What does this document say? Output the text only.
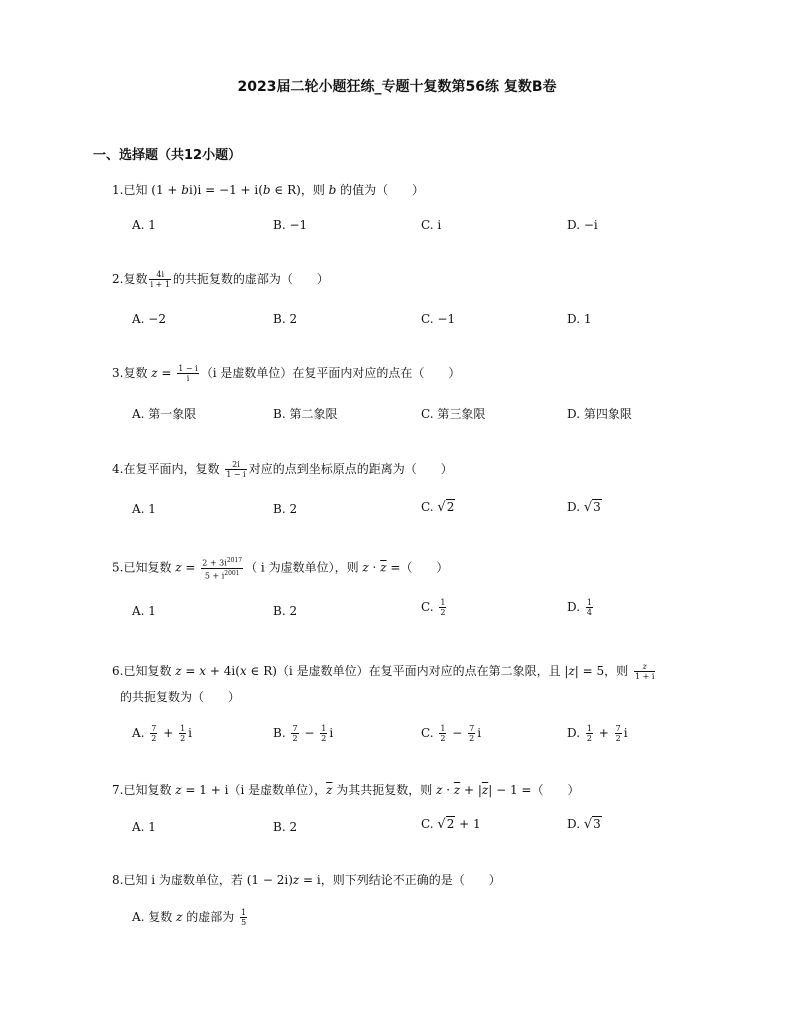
2023届二轮小题狂练_专题十复数第56练 复数B卷
一、选择题（共12小题）
1.已知 (1 + bi)i = −1 + i(b ∈ R)，则 b 的值为（　　）
A. 1	B. −1	C. i	D. −i
2.复数 $\frac{4i}{i + 1}$ 的共扼复数的虚部为（　　）
A. −2	B. 2	C. −1	D. 1
3.复数 $z = \frac{1 - i}{i} (i$ 是虚数单位）在复平面内对应的点在（　　）
A. 第一象限	B. 第二象限	C. 第三象限	D. 第四象限
4.在复平面内，复数 $\frac{2i}{1 - i}$ 对应的点到坐标原点的距离为（　　）
A. 1	B. 2	C. √2	D. √3
5.已知复数 $z = \frac{2 + 3i^{2017}}{5 + i^{2001}}$ （ i 为虚数单位），则 $z \cdot \overline{z}$ =（　　）
A. 1	B. 2	C. $\frac{1}{2}$	D. $\frac{1}{4}$
6.已知复数 z = x + 4i(x ∈ R)（i 是虚数单位）在复平面内对应的点在第二象限，且 |z| = 5，则 $\frac{z}{1 + i}$
的共扼复数为（　　）
A. $\frac{7}{2} + \frac{1}{2}$ i	B. $\frac{7}{2} - \frac{1}{2}$ i	C. $\frac{1}{2} - \frac{7}{2}$ i	D. $\frac{1}{2} + \frac{7}{2}$ i
7.已知复数 z = 1 + i（i 是虚数单位），$\overline{z}$ 为其共扼复数，则 $z \cdot \overline{z} + |\overline{z}| - 1$ =（　　）
A. 1	B. 2	C. √2 + 1	D. √3
8.已知 i 为虚数单位，若 (1 − 2i)z = i，则下列结论不正确的是（　　）
A. 复数 z 的虚部为 $\frac{1}{5}$
